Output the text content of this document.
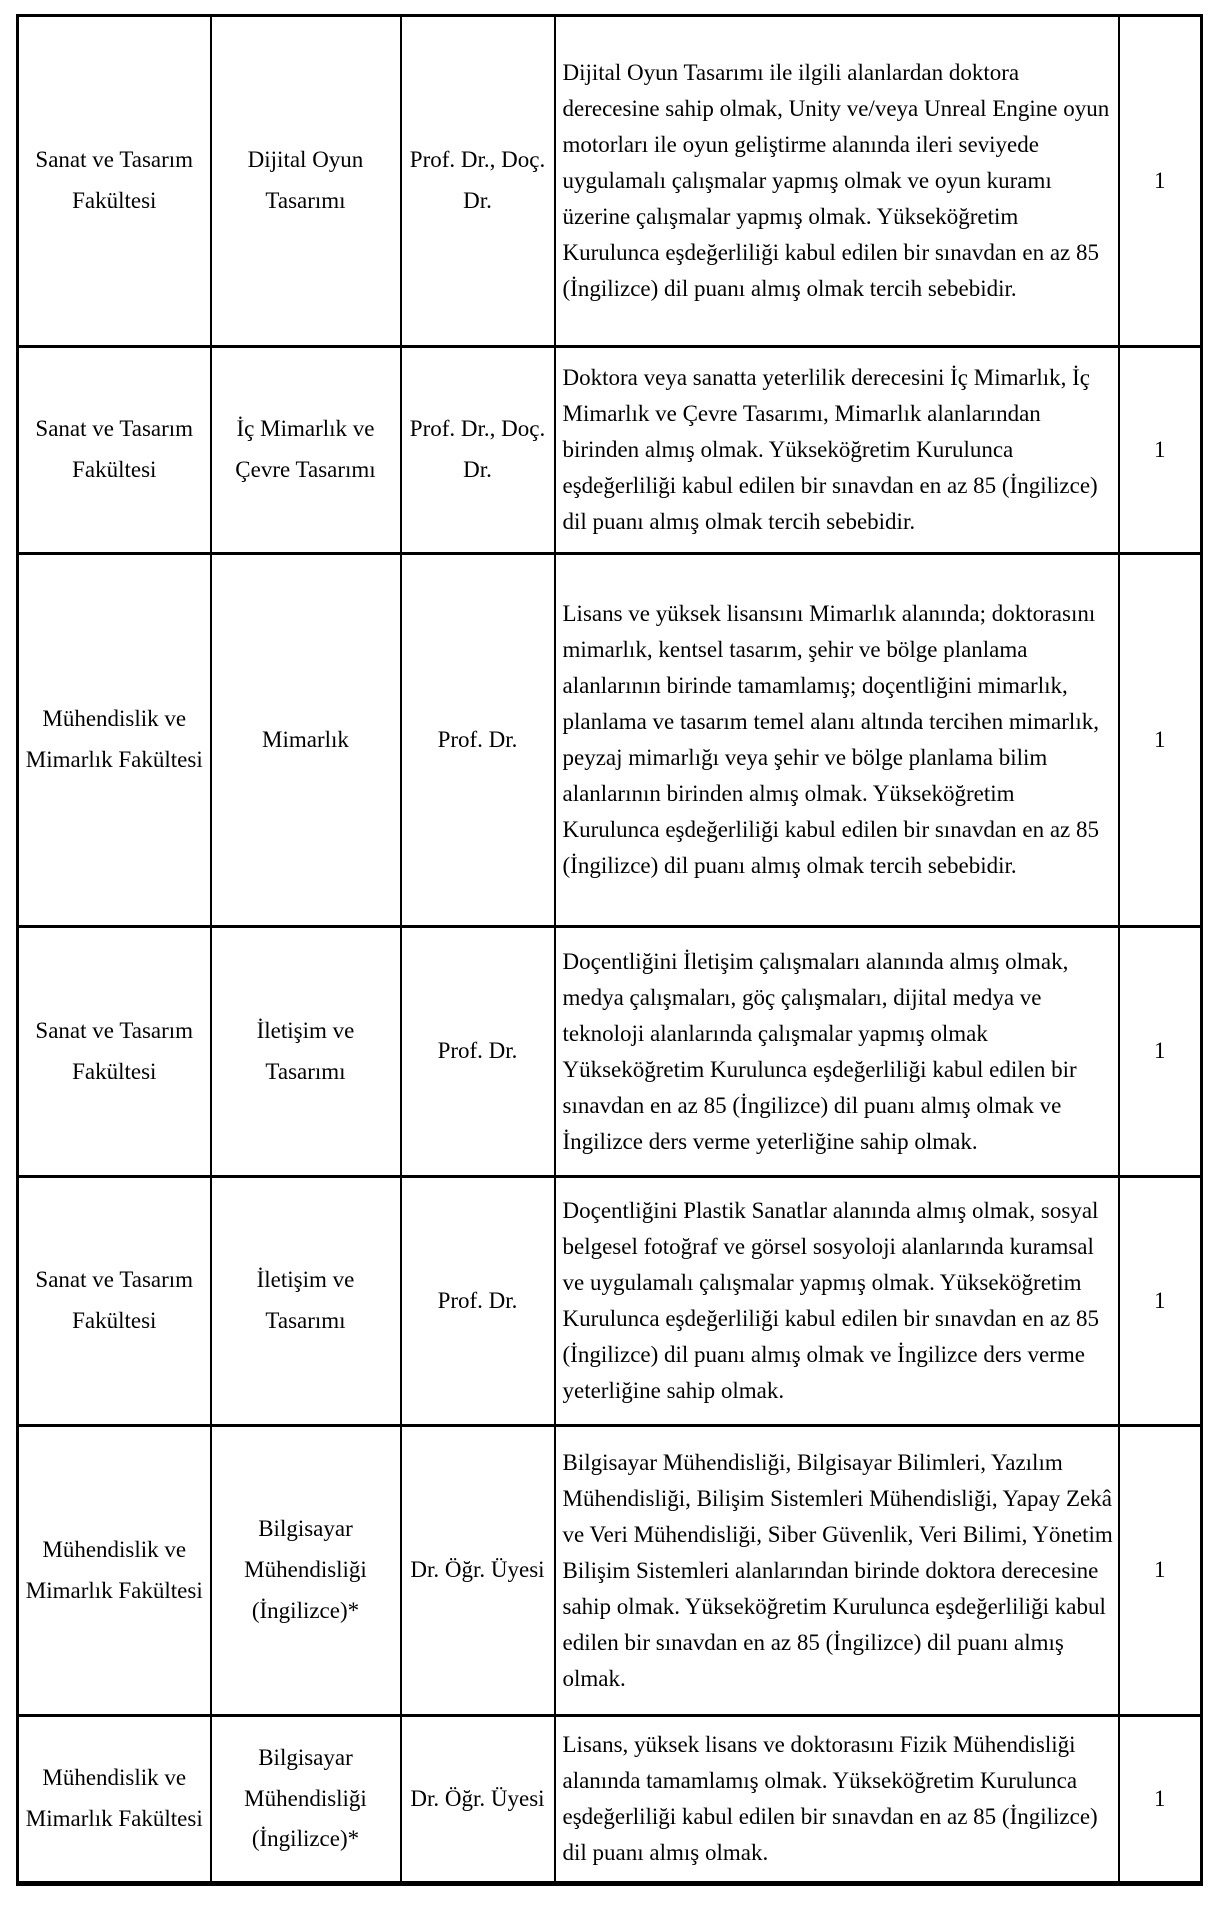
Sanat ve Tasarım Fakültesi	Dijital Oyun Tasarımı	Prof. Dr., Doç. Dr.	Dijital Oyun Tasarımı ile ilgili alanlardan doktora derecesine sahip olmak, Unity ve/veya Unreal Engine oyun motorları ile oyun geliştirme alanında ileri seviyede uygulamalı çalışmalar yapmış olmak ve oyun kuramı üzerine çalışmalar yapmış olmak. Yükseköğretim Kurulunca eşdeğerliliği kabul edilen bir sınavdan en az 85 (İngilizce) dil puanı almış olmak tercih sebebidir.	1
Sanat ve Tasarım Fakültesi	İç Mimarlık ve Çevre Tasarımı	Prof. Dr., Doç. Dr.	Doktora veya sanatta yeterlilik derecesini İç Mimarlık, İç Mimarlık ve Çevre Tasarımı, Mimarlık alanlarından birinden almış olmak. Yükseköğretim Kurulunca eşdeğerliliği kabul edilen bir sınavdan en az 85 (İngilizce) dil puanı almış olmak tercih sebebidir.	1
Mühendislik ve Mimarlık Fakültesi	Mimarlık	Prof. Dr.	Lisans ve yüksek lisansını Mimarlık alanında; doktorasını mimarlık, kentsel tasarım, şehir ve bölge planlama alanlarının birinde tamamlamış; doçentliğini mimarlık, planlama ve tasarım temel alanı altında tercihen mimarlık, peyzaj mimarlığı veya şehir ve bölge planlama bilim alanlarının birinden almış olmak. Yükseköğretim Kurulunca eşdeğerliliği kabul edilen bir sınavdan en az 85 (İngilizce) dil puanı almış olmak tercih sebebidir.	1
Sanat ve Tasarım Fakültesi	İletişim ve Tasarımı	Prof. Dr.	Doçentliğini İletişim çalışmaları alanında almış olmak, medya çalışmaları, göç çalışmaları, dijital medya ve teknoloji alanlarında çalışmalar yapmış olmak Yükseköğretim Kurulunca eşdeğerliliği kabul edilen bir sınavdan en az 85 (İngilizce) dil puanı almış olmak ve İngilizce ders verme yeterliğine sahip olmak.	1
Sanat ve Tasarım Fakültesi	İletişim ve Tasarımı	Prof. Dr.	Doçentliğini Plastik Sanatlar alanında almış olmak, sosyal belgesel fotoğraf ve görsel sosyoloji alanlarında kuramsal ve uygulamalı çalışmalar yapmış olmak. Yükseköğretim Kurulunca eşdeğerliliği kabul edilen bir sınavdan en az 85 (İngilizce) dil puanı almış olmak ve İngilizce ders verme yeterliğine sahip olmak.	1
Mühendislik ve Mimarlık Fakültesi	Bilgisayar Mühendisliği (İngilizce)*	Dr. Öğr. Üyesi	Bilgisayar Mühendisliği, Bilgisayar Bilimleri, Yazılım Mühendisliği, Bilişim Sistemleri Mühendisliği, Yapay Zekâ ve Veri Mühendisliği, Siber Güvenlik, Veri Bilimi, Yönetim Bilişim Sistemleri alanlarından birinde doktora derecesine sahip olmak. Yükseköğretim Kurulunca eşdeğerliliği kabul edilen bir sınavdan en az 85 (İngilizce) dil puanı almış olmak.	1
Mühendislik ve Mimarlık Fakültesi	Bilgisayar Mühendisliği (İngilizce)*	Dr. Öğr. Üyesi	Lisans, yüksek lisans ve doktorasını Fizik Mühendisliği alanında tamamlamış olmak. Yükseköğretim Kurulunca eşdeğerliliği kabul edilen bir sınavdan en az 85 (İngilizce) dil puanı almış olmak.	1
